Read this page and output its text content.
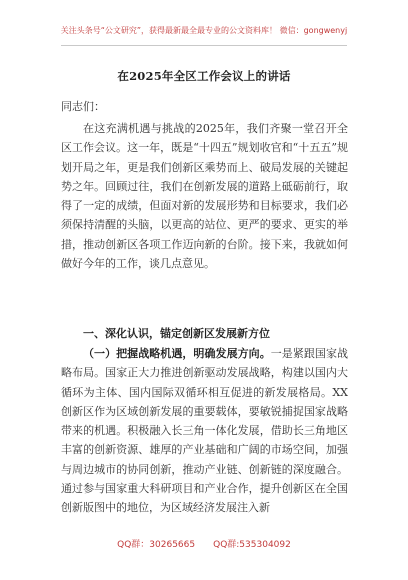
关注头条号“公文研究”，获得最新最全最专业的公文资料库！ 微信：gongwenyj
在2025年全区工作会议上的讲话
同志们：

在这充满机遇与挑战的2025年，我们齐聚一堂召开全区工作会议。这一年，既是“十四五”规划收官和“十五五”规划开局之年，更是我们创新区乘势而上、破局发展的关键起势之年。回顾过往，我们在创新发展的道路上砥砺前行，取得了一定的成绩，但面对新的发展形势和目标要求，我们必须保持清醒的头脑，以更高的站位、更严的要求、更实的举措，推动创新区各项工作迈向新的台阶。接下来，我就如何做好今年的工作，谈几点意见。

一、深化认识，锚定创新区发展新方位

（一）把握战略机遇，明确发展方向。一是紧跟国家战略布局。国家正大力推进创新驱动发展战略，构建以国内大循环为主体、国内国际双循环相互促进的新发展格局。XX创新区作为区域创新发展的重要载体，要敏锐捕捉国家战略带来的机遇。积极融入长三角一体化发展，借助长三角地区丰富的创新资源、雄厚的产业基础和广阔的市场空间，加强与周边城市的协同创新，推动产业链、创新链的深度融合。通过参与国家重大科研项目和产业合作，提升创新区在全国创新版图中的地位，为区域经济发展注入新

QQ群：30265665 QQ群:535304092
